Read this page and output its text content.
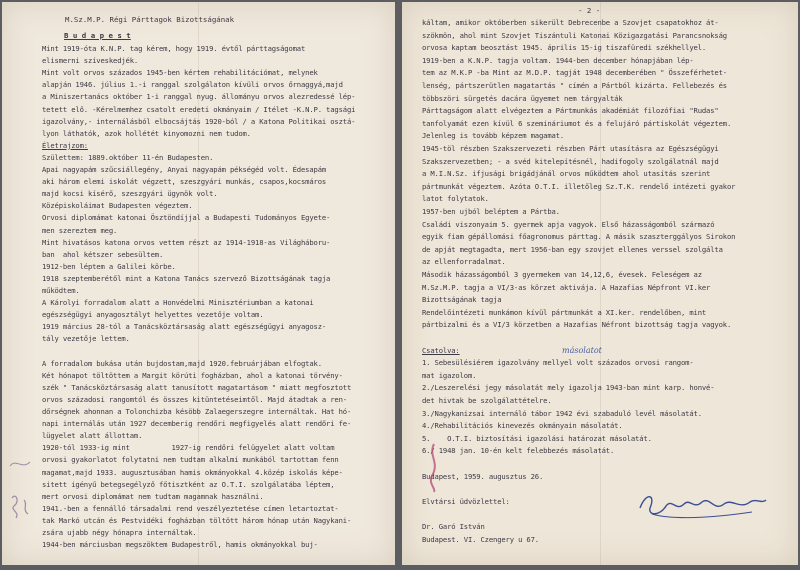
M.Sz.M.P. Régi Párttagok Bizottságának
B u d a p e s t
Mint 1919-óta K.N.P. tag kérem, hogy 1919. évtől párttagságomat
elismerni szíveskedjék.
Mint volt orvos százados 1945-ben kértem rehabilitációmat, melynek
alapján 1946. július 1.-i ranggal szolgálaton kívüli orvos őrnaggyá,majd
a Miniszertanács október 1-i ranggal nyug. állományu orvos alezredessé lép-
tetett elő. -Kérelmemhez csatolt eredeti okmányaim / Itélet -K.N.P. tagsági
igazolvány,- internálásból elbocsájtás 1920-ból / a Katona Politikai osztá-
lyon láthatók, azok hollétét kinyomozni nem tudom.
Életrajzom:
Születtem: 1889.október 11-én Budapesten.
Apai nagyapám szűcsiállegény, Anyai nagyapám pékségéd volt. Édesapám
aki három elemi iskolát végzett, szeszgyári munkás, csapos,kocsmáros
majd kocsi kísérő, szeszgyári ügynök volt.
Középiskoláimat Budapesten végeztem.
Orvosi diplomámat katonai Ösztöndíjjal a Budapesti Tudományos Egyete-
men szereztem meg.
Mint hivatásos katona orvos vettem részt az 1914-1918-as Világháboru-
ban  ahol kétszer sebesültem.
1912-ben léptem a Galilei körbe.
1918 szeptemberétől mint a Katona Tanács szervező Bizottságának tagja
működtem.
A Károlyi forradalom alatt a Honvédelmi Minisztériumban a katonai
egészségügyi anyagosztályt helyettes vezetője voltam.
1919 március 28-tól a Tanácsköztársaság alatt egészségügyi anyagosz-
tály vezetője lettem.
A forradalom bukása után bujdostam,majd 1920.februárjában elfogtak.
Két hónapot töltöttem a Margit körúti fogházban, ahol a katonai törvény-
szék " Tanácsköztársaság alatt tanusított magatartásom " miatt megfosztott
orvos századosi rangomtól és összes kitüntetéseimtől. Majd átadtak a ren-
dőrségnek ahonnan a Tolonchizba késöbb Zalaegerszegre internáltak. Hat hó-
napi internálás után 1927 decemberig rendőri megfigyelés alatt rendőri fe-
lügyelet alatt állottam.
1920-tól 1933-ig mint          1927-ig rendőri felügyelet alatt voltam
orvosi gyakorlatot folytatni nem tudtam alkalmi munkából tartottam fenn
magamat,majd 1933. augusztusában hamis okmányokkal 4.közép iskolás képe-
sitett igényű betegsegélyző főtisztként az O.T.I. szolgálatába léptem,
mert orvosi diplomámat nem tudtam magamnak használni.
1941.-ben a fennálló társadalmi rend veszélyeztetése címen letartoztat-
tak Markó utcán és Pestvidéki fogházban töltött három hónap után Nagykani-
zsára ujabb négy hónapra internáltak.
1944-ben márciusban megszöktem Budapestről, hamis okmányokkal buj-
- 2 -
káltam, amikor októberben sikerült Debrecenbe a Szovjet csapatokhoz át-
szökmön, ahol mint Szovjet Tiszántuli Katonai Közigazgatási Parancsnokság
orvosa kaptam beosztást 1945. április 15-ig tiszafüredi székhellyel.
1919-ben a K.N.P. tagja voltam. 1944-ben december hónapjában lép-
tem az M.K.P -ba Mint az M.D.P. tagját 1948 decemberében " Összeférhetet-
lenség, pártszerütlen magatartás " címén a Pártból kizárta. Fellebezés és
többszöri sürgetés dacára ügyemet nem tárgyalták
Párttagságom alatt elvégeztem a Pártmunkás akadémiát filozófiai "Rudas"
tanfolyamát ezen kívül 6 szemináriumot és a felujáró pártiskolát végeztem.
Jelenleg is tovább képzem magamat.
1945-töl részben Szakszervezeti részben Párt utasításra az Egészségügyi
Szakszervezetben; - a svéd kitelepítésnél, hadifogoly szolgálatnál majd
a M.I.N.Sz. ifjusági brigádjánál orvos működtem ahol utasítás szerint
pártmunkát végeztem. Azóta O.T.I. illetőleg Sz.T.K. rendelő intézeti gyakor
latot folytatok.
1957-ben ujból beléptem a Pártba.
Családi viszonyaim 5. gyermek apja vagyok. Első házasságomból származó
egyik fiam gépállomási főagronomus párttag. A másik szaszterggályos Sirokon
de apját megtagadta, mert 1956-ban egy szovjet ellenes verssel szolgálta
az ellenforradalmat.
Második házasságomból 3 gyermekem van 14,12,6, évesek. Feleségem az
M.Sz.M.P. tagja a VI/3-as körzet aktivája. A Hazafias Népfront VI.ker
Bizottságának tagja
Rendelőintézeti munkámon kívül pártmunkát a XI.ker. rendelőben, mint
pártbizalmi és a VI/3 körzetben a Hazafias Néfront bizottság tagja vagyok.
Csatolva:
1. Sebesülésiérem igazolvány mellyel volt százados orvosi rangom-
mat igazolom.
2./Leszerelési jegy másolatát mely igazolja 1943-ban mint karp. honvé-
det hivtak be szolgálattételre.
3./Nagykanizsai internáló tábor 1942 évi szabaduló levél másolatát.
4./Rehabilitációs kinevezés okmányain másolatát.
5.    O.T.I. biztosítási igazolási határozat másolatát.
6./ 1948 jan. 10-én kelt felebbezés másolatát.
Budapest, 1959. augusztus 26.
Elvtársi üdvözlettel:
Dr. Garó István
Budapest. VI. Czengery u 67.
másolatot
